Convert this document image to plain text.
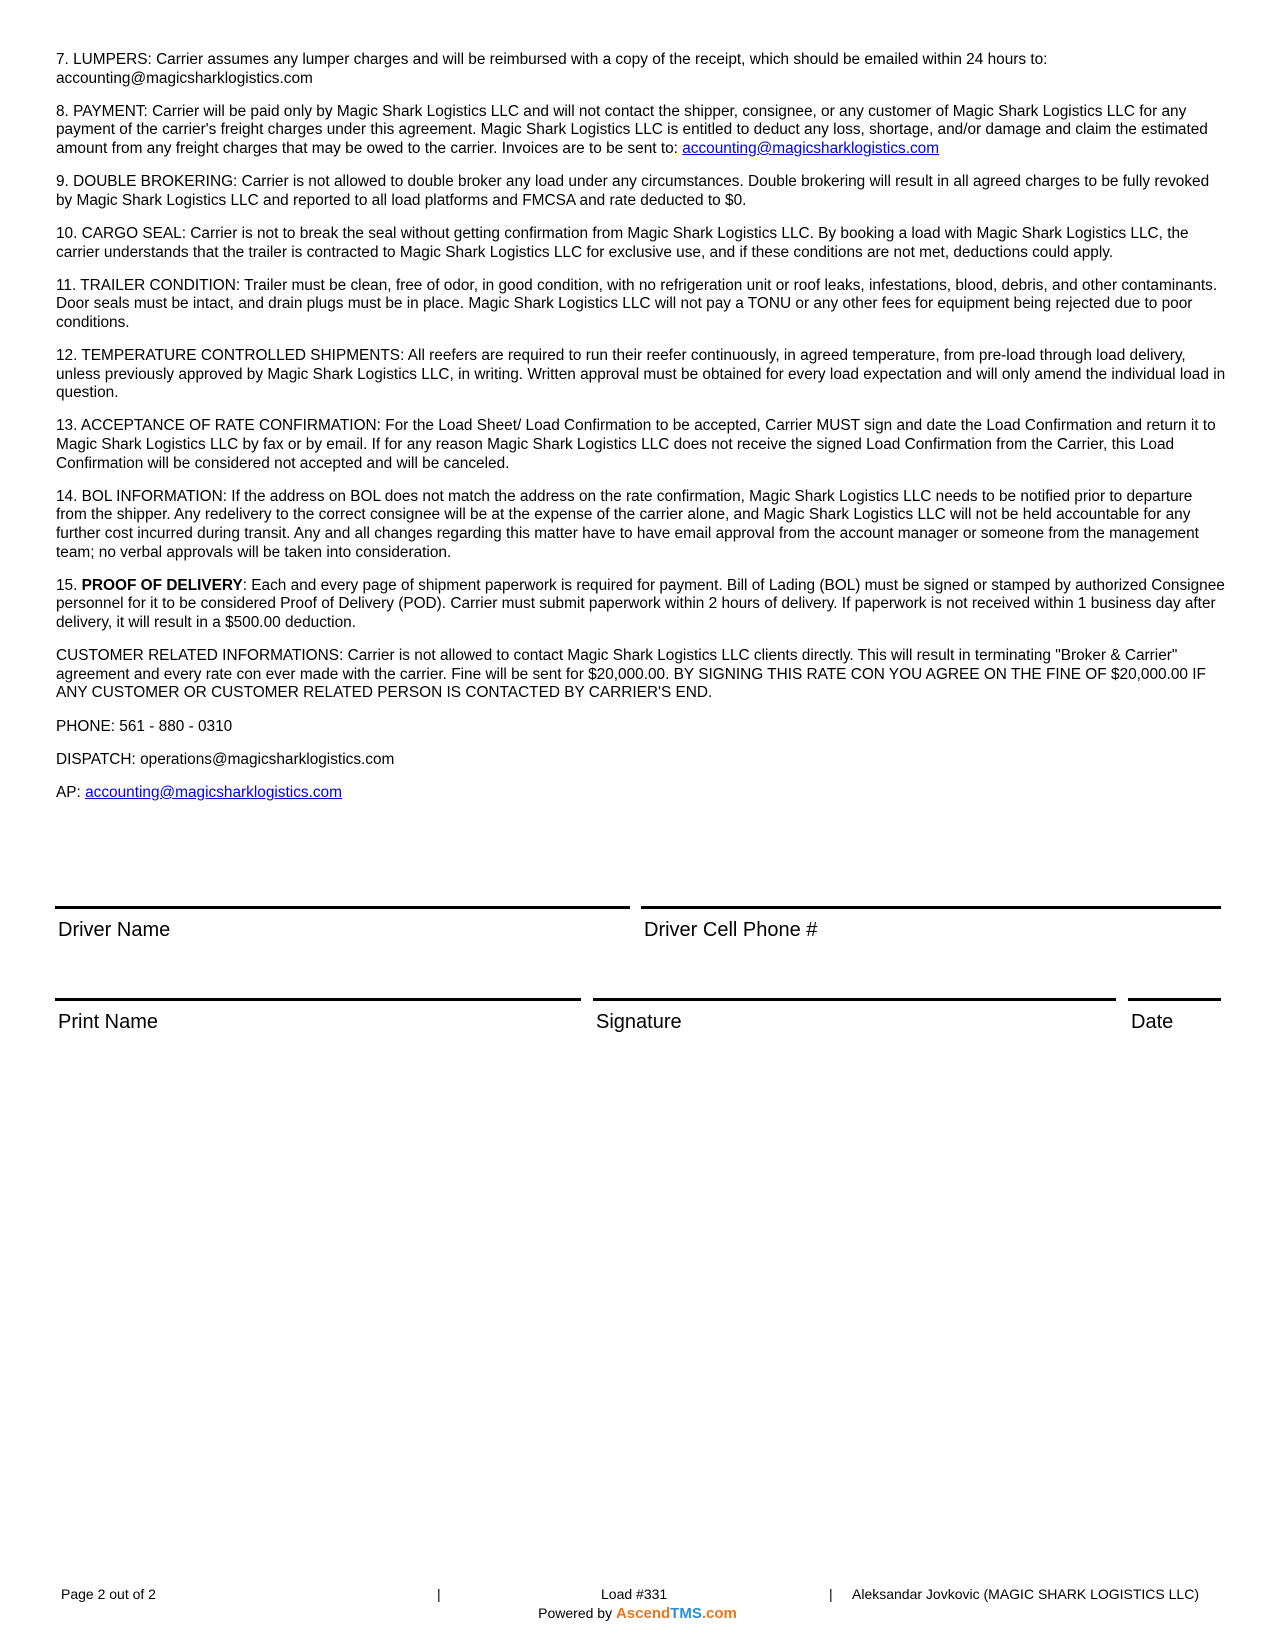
7. LUMPERS: Carrier assumes any lumper charges and will be reimbursed with a copy of the receipt, which should be emailed within 24 hours to: accounting@magicsharklogistics.com

8. PAYMENT: Carrier will be paid only by Magic Shark Logistics LLC and will not contact the shipper, consignee, or any customer of Magic Shark Logistics LLC for any payment of the carrier's freight charges under this agreement. Magic Shark Logistics LLC is entitled to deduct any loss, shortage, and/or damage and claim the estimated amount from any freight charges that may be owed to the carrier. Invoices are to be sent to: accounting@magicsharklogistics.com

9. DOUBLE BROKERING: Carrier is not allowed to double broker any load under any circumstances. Double brokering will result in all agreed charges to be fully revoked by Magic Shark Logistics LLC and reported to all load platforms and FMCSA and rate deducted to $0.

10. CARGO SEAL: Carrier is not to break the seal without getting confirmation from Magic Shark Logistics LLC. By booking a load with Magic Shark Logistics LLC, the carrier understands that the trailer is contracted to Magic Shark Logistics LLC for exclusive use, and if these conditions are not met, deductions could apply.

11. TRAILER CONDITION: Trailer must be clean, free of odor, in good condition, with no refrigeration unit or roof leaks, infestations, blood, debris, and other contaminants. Door seals must be intact, and drain plugs must be in place. Magic Shark Logistics LLC will not pay a TONU or any other fees for equipment being rejected due to poor conditions.

12. TEMPERATURE CONTROLLED SHIPMENTS: All reefers are required to run their reefer continuously, in agreed temperature, from pre-load through load delivery, unless previously approved by Magic Shark Logistics LLC, in writing. Written approval must be obtained for every load expectation and will only amend the individual load in question.

13. ACCEPTANCE OF RATE CONFIRMATION: For the Load Sheet/ Load Confirmation to be accepted, Carrier MUST sign and date the Load Confirmation and return it to Magic Shark Logistics LLC by fax or by email. If for any reason Magic Shark Logistics LLC does not receive the signed Load Confirmation from the Carrier, this Load Confirmation will be considered not accepted and will be canceled.

14. BOL INFORMATION: If the address on BOL does not match the address on the rate confirmation, Magic Shark Logistics LLC needs to be notified prior to departure from the shipper. Any redelivery to the correct consignee will be at the expense of the carrier alone, and Magic Shark Logistics LLC will not be held accountable for any further cost incurred during transit. Any and all changes regarding this matter have to have email approval from the account manager or someone from the management team; no verbal approvals will be taken into consideration.

15. PROOF OF DELIVERY: Each and every page of shipment paperwork is required for payment. Bill of Lading (BOL) must be signed or stamped by authorized Consignee personnel for it to be considered Proof of Delivery (POD). Carrier must submit paperwork within 2 hours of delivery. If paperwork is not received within 1 business day after delivery, it will result in a $500.00 deduction.

CUSTOMER RELATED INFORMATIONS: Carrier is not allowed to contact Magic Shark Logistics LLC clients directly. This will result in terminating "Broker & Carrier" agreement and every rate con ever made with the carrier. Fine will be sent for $20,000.00. BY SIGNING THIS RATE CON YOU AGREE ON THE FINE OF $20,000.00 IF ANY CUSTOMER OR CUSTOMER RELATED PERSON IS CONTACTED BY CARRIER'S END.

PHONE: 561 - 880 - 0310

DISPATCH: operations@magicsharklogistics.com

AP: accounting@magicsharklogistics.com

Driver Name	Driver Cell Phone #
Print Name	Signature	Date
Page 2 out of 2	|	Load #331	| Aleksandar Jovkovic (MAGIC SHARK LOGISTICS LLC)
Powered by AscendTMS.com
